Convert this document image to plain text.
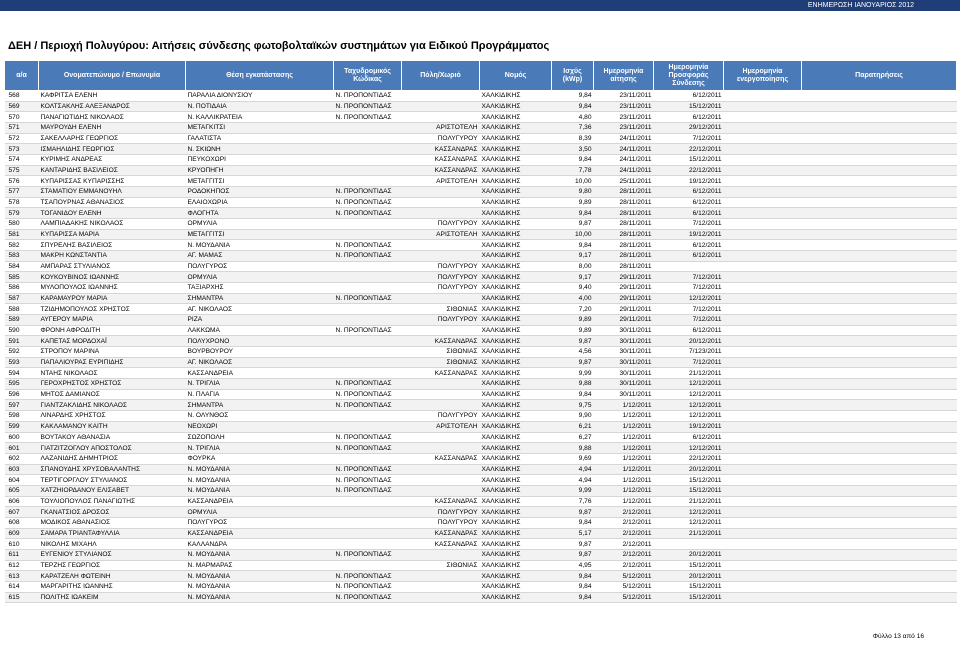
ΕΝΗΜΕΡΩΣΗ ΙΑΝΟΥΑΡΙΟΣ 2012
ΔΕΗ / Περιοχή Πολυγύρου: Αιτήσεις σύνδεσης φωτοβολταϊκών συστημάτων για Ειδικού Προγράμματος
α/α	Ονοματεπώνυμο / Επωνυμία	Θέση εγκατάστασης	Ταχυδρομικός Κώδικας	Πόλη/Χωριό	Νομός	Ισχύς (kWp)	Ημερομηνία αίτησης	Ημερομηνία Προσφοράς Σύνδεσης	Ημερομηνία ενεργοποίησης	Παρατηρήσεις
568	ΚΑΦΡΙΤΣΑ ΕΛΕΝΗ	ΠΑΡΑΛΙΑ ΔΙΟΝΥΣΙΟΥ	Ν. ΠΡΟΠΟΝΤΙΔΑΣ		ΧΑΛΚΙΔΙΚΗΣ	9,84	23/11/2011	6/12/2011		
569	ΚΟΛΤΣΑΚΛΗΣ ΑΛΕΞΑΝΔΡΟΣ	Ν. ΠΟΤΙΔΑΙΑ	Ν. ΠΡΟΠΟΝΤΙΔΑΣ		ΧΑΛΚΙΔΙΚΗΣ	9,84	23/11/2011	15/12/2011		
570	ΠΑΝΑΓΙΩΤΙΔΗΣ ΝΙΚΟΛΑΟΣ	Ν. ΚΑΛΛΙΚΡΑΤΕΙΑ	Ν. ΠΡΟΠΟΝΤΙΔΑΣ		ΧΑΛΚΙΔΙΚΗΣ	4,80	23/11/2011	6/12/2011		
571	ΜΑΥΡΟΥΔΗ ΕΛΕΝΗ	ΜΕΤΑΓΚΙΤΣΙ		ΑΡΙΣΤΟΤΕΛΗ	ΧΑΛΚΙΔΙΚΗΣ	7,36	23/11/2011	29/12/2011		
572	ΣΑΚΕΛΛΑΡΗΣ ΓΕΩΡΓΙΟΣ	ΓΑΛΑΤΙΣΤΑ		ΠΟΛΥΓΥΡΟΥ	ΧΑΛΚΙΔΙΚΗΣ	8,39	24/11/2011	7/12/2011		
573	ΙΣΜΑΗΛΙΔΗΣ ΓΕΩΡΓΙΟΣ	Ν. ΣΚΙΩΝΗ		ΚΑΣΣΑΝΔΡΑΣ	ΧΑΛΚΙΔΙΚΗΣ	3,50	24/11/2011	22/12/2011		
574	ΚΥΡΙΜΗΣ ΑΝΔΡΕΑΣ	ΠΕΥΚΟΧΩΡΙ		ΚΑΣΣΑΝΔΡΑΣ	ΧΑΛΚΙΔΙΚΗΣ	9,84	24/11/2011	15/12/2011		
575	ΚΑΝΤΑΡΙΔΗΣ ΒΑΣΙΛΕΙΟΣ	ΚΡΥΟΠΗΓΗ		ΚΑΣΣΑΝΔΡΑΣ	ΧΑΛΚΙΔΙΚΗΣ	7,78	24/11/2011	22/12/2011		
576	ΚΥΠΑΡΙΣΣΑΣ ΚΥΠΑΡΙΣΣΗΣ	ΜΕΤΑΓΓΙΤΣΙ		ΑΡΙΣΤΟΤΕΛΗ	ΧΑΛΚΙΔΙΚΗΣ	10,00	25/11/2011	19/12/2011		
577	ΣΤΑΜΑΤΙΟΥ ΕΜΜΑΝΟΥΗΛ	ΡΟΔΟΚΗΠΟΣ	Ν. ΠΡΟΠΟΝΤΙΔΑΣ		ΧΑΛΚΙΔΙΚΗΣ	9,80	28/11/2011	6/12/2011		
578	ΤΣΑΠΟΥΡΝΑΣ ΑΘΑΝΑΣΙΟΣ	ΕΛΑΙΟΧΩΡΙΑ	Ν. ΠΡΟΠΟΝΤΙΔΑΣ		ΧΑΛΚΙΔΙΚΗΣ	9,89	28/11/2011	6/12/2011		
579	ΤΟΓΑΝΙΔΟΥ ΕΛΕΝΗ	ΦΛΟΓΗΤΑ	Ν. ΠΡΟΠΟΝΤΙΔΑΣ		ΧΑΛΚΙΔΙΚΗΣ	9,84	28/11/2011	6/12/2011		
580	ΛΑΜΠΙΑΔΑΚΗΣ ΝΙΚΟΛΑΟΣ	ΟΡΜΥΛΙΑ		ΠΟΛΥΓΥΡΟΥ	ΧΑΛΚΙΔΙΚΗΣ	9,87	28/11/2011	7/12/2011		
581	ΚΥΠΑΡΙΣΣΑ ΜΑΡΙΑ	ΜΕΤΑΓΓΙΤΣΙ		ΑΡΙΣΤΟΤΕΛΗ	ΧΑΛΚΙΔΙΚΗΣ	10,00	28/11/2011	19/12/2011		
582	ΣΠΥΡΕΛΗΣ ΒΑΣΙΛΕΙΟΣ	Ν. ΜΟΥΔΑΝΙΑ	Ν. ΠΡΟΠΟΝΤΙΔΑΣ		ΧΑΛΚΙΔΙΚΗΣ	9,84	28/11/2011	6/12/2011		
583	ΜΑΚΡΗ ΚΩΝΣΤΑΝΤΙΑ	ΑΓ. ΜΑΜΑΣ	Ν. ΠΡΟΠΟΝΤΙΔΑΣ		ΧΑΛΚΙΔΙΚΗΣ	9,17	28/11/2011	6/12/2011		
584	ΑΜΠΑΡΑΣ ΣΤΥΛΙΑΝΟΣ	ΠΟΛΥΓΥΡΟΣ		ΠΟΛΥΓΥΡΟΥ	ΧΑΛΚΙΔΙΚΗΣ	8,00	28/11/2011			
585	ΚΟΥΚΟΥΒΙΝΟΣ ΙΩΑΝΝΗΣ	ΟΡΜΥΛΙΑ		ΠΟΛΥΓΥΡΟΥ	ΧΑΛΚΙΔΙΚΗΣ	9,17	29/11/2011	7/12/2011		
586	ΜΥΛΟΠΟΥΛΟΣ ΙΩΑΝΝΗΣ	ΤΑΞΙΑΡΧΗΣ		ΠΟΛΥΓΥΡΟΥ	ΧΑΛΚΙΔΙΚΗΣ	9,40	29/11/2011	7/12/2011		
587	ΚΑΡΑΜΑΥΡΟΥ ΜΑΡΙΑ	ΣΗΜΑΝΤΡΑ	Ν. ΠΡΟΠΟΝΤΙΔΑΣ		ΧΑΛΚΙΔΙΚΗΣ	4,00	29/11/2011	12/12/2011		
588	ΤΖΙΔΗΜΟΠΟΥΛΟΣ ΧΡΗΣΤΟΣ	ΑΓ. ΝΙΚΟΛΑΟΣ		ΣΙΘΩΝΙΑΣ	ΧΑΛΚΙΔΙΚΗΣ	7,20	29/11/2011	7/12/2011		
589	ΑΥΓΕΡΟΥ ΜΑΡΙΑ	ΡΙΖΑ		ΠΟΛΥΓΥΡΟΥ	ΧΑΛΚΙΔΙΚΗΣ	9,89	29/11/2011	7/12/2011		
590	ΦΡΟΝΗ ΑΦΡΟΔΙΤΗ	ΛΑΚΚΩΜΑ	Ν. ΠΡΟΠΟΝΤΙΔΑΣ		ΧΑΛΚΙΔΙΚΗΣ	9,89	30/11/2011	6/12/2011		
591	ΚΑΠΕΤΑΣ ΜΟΡΔΟΧΑΪ	ΠΟΛΥΧΡΟΝΟ		ΚΑΣΣΑΝΔΡΑΣ	ΧΑΛΚΙΔΙΚΗΣ	9,87	30/11/2011	20/12/2011		
592	ΣΤΡΟΠΟΥ ΜΑΡΙΝΑ	ΒΟΥΡΒΟΥΡΟΥ		ΣΙΘΩΝΙΑΣ	ΧΑΛΚΙΔΙΚΗΣ	4,56	30/11/2011	7/123/2011		
593	ΠΑΠΑΛΙΟΥΡΑΣ ΕΥΡΙΠΙΔΗΣ	ΑΓ. ΝΙΚΟΛΑΟΣ		ΣΙΘΩΝΙΑΣ	ΧΑΛΚΙΔΙΚΗΣ	9,87	30/11/2011	7/12/2011		
594	ΝΤΑΗΣ ΝΙΚΟΛΑΟΣ	ΚΑΣΣΑΝΔΡΕΙΑ		ΚΑΣΣΑΝΔΡΑΣ	ΧΑΛΚΙΔΙΚΗΣ	9,99	30/11/2011	21/12/2011		
595	ΓΕΡΟΧΡΗΣΤΟΣ ΧΡΗΣΤΟΣ	Ν. ΤΡΙΓΛΙΑ	Ν. ΠΡΟΠΟΝΤΙΔΑΣ		ΧΑΛΚΙΔΙΚΗΣ	9,88	30/11/2011	12/12/2011		
596	ΜΗΤΟΣ ΔΑΜΙΑΝΟΣ	Ν. ΠΛΑΓΙΑ	Ν. ΠΡΟΠΟΝΤΙΔΑΣ		ΧΑΛΚΙΔΙΚΗΣ	9,84	30/11/2011	12/12/2011		
597	ΓΙΑΝΤΖΑΚΛΙΔΗΣ ΝΙΚΟΛΑΟΣ	ΣΗΜΑΝΤΡΑ	Ν. ΠΡΟΠΟΝΤΙΔΑΣ		ΧΑΛΚΙΔΙΚΗΣ	9,75	1/12/2011	12/12/2011		
598	ΛΙΝΑΡΔΗΣ ΧΡΗΣΤΟΣ	Ν. ΟΛΥΝΘΟΣ		ΠΟΛΥΓΥΡΟΥ	ΧΑΛΚΙΔΙΚΗΣ	9,90	1/12/2011	12/12/2011		
599	ΚΑΚΛΑΜΑΝΟΥ ΚΑΙΤΗ	ΝΕΟΧΩΡΙ		ΑΡΙΣΤΟΤΕΛΗ	ΧΑΛΚΙΔΙΚΗΣ	6,21	1/12/2011	19/12/2011		
600	ΒΟΥΤΑΚΟΥ ΑΘΑΝΑΣΙΑ	ΣΩΖΟΠΟΛΗ	Ν. ΠΡΟΠΟΝΤΙΔΑΣ		ΧΑΛΚΙΔΙΚΗΣ	6,27	1/12/2011	6/12/2011		
601	ΓΙΑΤΖΙΤΖΟΓΛΟΥ ΑΠΟΣΤΟΛΟΣ	Ν. ΤΡΙΓΛΙΑ	Ν. ΠΡΟΠΟΝΤΙΔΑΣ		ΧΑΛΚΙΔΙΚΗΣ	9,88	1/12/2011	12/12/2011		
602	ΛΑΖΑΝΙΔΗΣ ΔΗΜΗΤΡΙΟΣ	ΦΟΥΡΚΑ		ΚΑΣΣΑΝΔΡΑΣ	ΧΑΛΚΙΔΙΚΗΣ	9,69	1/12/2011	22/12/2011		
603	ΣΠΑΝΟΥΔΗΣ ΧΡΥΣΟΒΑΛΑΝΤΗΣ	Ν. ΜΟΥΔΑΝΙΑ	Ν. ΠΡΟΠΟΝΤΙΔΑΣ		ΧΑΛΚΙΔΙΚΗΣ	4,94	1/12/2011	20/12/2011		
604	ΤΕΡΤΙΓΟΡΓΛΟΥ ΣΤΥΛΙΑΝΟΣ	Ν. ΜΟΥΔΑΝΙΑ	Ν. ΠΡΟΠΟΝΤΙΔΑΣ		ΧΑΛΚΙΔΙΚΗΣ	4,94	1/12/2011	15/12/2011		
605	ΧΑΤΖΗΙΟΡΔΑΝΟΥ ΕΛΙΣΑΒΕΤ	Ν. ΜΟΥΔΑΝΙΑ	Ν. ΠΡΟΠΟΝΤΙΔΑΣ		ΧΑΛΚΙΔΙΚΗΣ	9,99	1/12/2011	15/12/2011		
606	ΤΟΥΛΙΟΠΟΥΛΟΣ ΠΑΝΑΓΙΩΤΗΣ	ΚΑΣΣΑΝΔΡΕΙΑ		ΚΑΣΣΑΝΔΡΑΣ	ΧΑΛΚΙΔΙΚΗΣ	7,76	1/12/2011	21/12/2011		
607	ΓΚΑΝΑΤΣΙΟΣ ΔΡΟΣΟΣ	ΟΡΜΥΛΙΑ		ΠΟΛΥΓΥΡΟΥ	ΧΑΛΚΙΔΙΚΗΣ	9,87	2/12/2011	12/12/2011		
608	ΜΟΔΙΚΟΣ ΑΘΑΝΑΣΙΟΣ	ΠΟΛΥΓΥΡΟΣ		ΠΟΛΥΓΥΡΟΥ	ΧΑΛΚΙΔΙΚΗΣ	9,84	2/12/2011	12/12/2011		
609	ΣΑΜΑΡΑ ΤΡΙΑΝΤΑΦΥΛΛΙΑ	ΚΑΣΣΑΝΔΡΕΙΑ		ΚΑΣΣΑΝΔΡΑΣ	ΧΑΛΚΙΔΙΚΗΣ	5,17	2/12/2011	21/12/2011		
610	ΝΙΚΟΛΗΣ ΜΙΧΑΗΛ	ΚΑΛΛΑΝΔΡΑ		ΚΑΣΣΑΝΔΡΑΣ	ΧΑΛΚΙΔΙΚΗΣ	9,87	2/12/2011			
611	ΕΥΓΕΝΙΟΥ ΣΤΥΛΙΑΝΟΣ	Ν. ΜΟΥΔΑΝΙΑ	Ν. ΠΡΟΠΟΝΤΙΔΑΣ		ΧΑΛΚΙΔΙΚΗΣ	9,87	2/12/2011	20/12/2011		
612	ΤΕΡΖΗΣ ΓΕΩΡΓΙΟΣ	Ν. ΜΑΡΜΑΡΑΣ		ΣΙΘΩΝΙΑΣ	ΧΑΛΚΙΔΙΚΗΣ	4,95	2/12/2011	15/12/2011		
613	ΚΑΡΑΤΖΕΛΗ ΦΩΤΕΙΝΗ	Ν. ΜΟΥΔΑΝΙΑ	Ν. ΠΡΟΠΟΝΤΙΔΑΣ		ΧΑΛΚΙΔΙΚΗΣ	9,84	5/12/2011	20/12/2011		
614	ΜΑΡΓΑΡΙΤΗΣ ΙΩΑΝΝΗΣ	Ν. ΜΟΥΔΑΝΙΑ	Ν. ΠΡΟΠΟΝΤΙΔΑΣ		ΧΑΛΚΙΔΙΚΗΣ	9,84	5/12/2011	15/12/2011		
615	ΠΟΛΙΤΗΣ ΙΩΑΚΕΙΜ	Ν. ΜΟΥΔΑΝΙΑ	Ν. ΠΡΟΠΟΝΤΙΔΑΣ		ΧΑΛΚΙΔΙΚΗΣ	9,84	5/12/2011	15/12/2011		
Φύλλο 13 από 16
